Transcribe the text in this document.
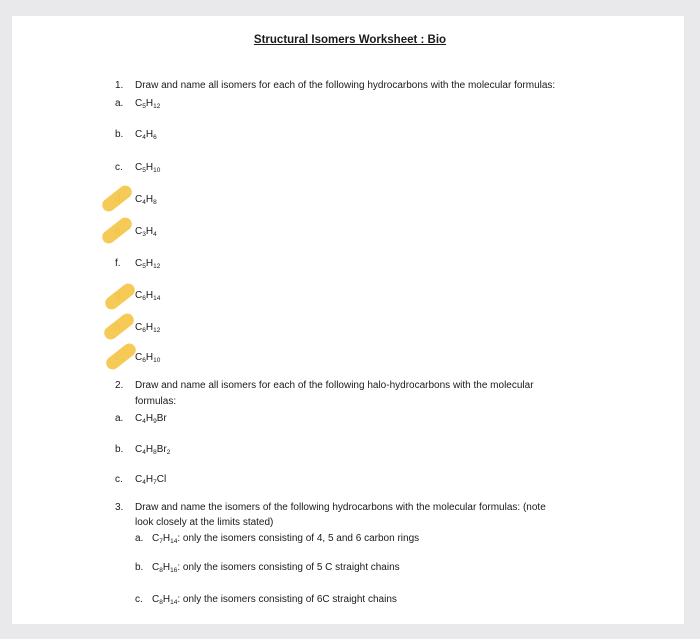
Structural Isomers Worksheet : Bio
1. Draw and name all isomers for each of the following hydrocarbons with the molecular formulas:
a. $C_5H_{12}$
b. $C_4H_6$
c. $C_5H_{10}$
$C_4H_8$
$C_3H_4$
f. $C_5H_{12}$
$C_6H_{14}$
$C_6H_{12}$
$C_6H_{10}$
2. Draw and name all isomers for each of the following halo-hydrocarbons with the molecular
formulas:
a. $C_4H_9Br$
b. $C_4H_8Br_2$
c. $C_4H_7Cl$
3. Draw and name the isomers of the following hydrocarbons with the molecular formulas: (note
look closely at the limits stated)
a. $C_7H_{14}$: only the isomers consisting of 4, 5 and 6 carbon rings
b. $C_8H_{16}$: only the isomers consisting of 5 C straight chains
c. $C_8H_{14}$: only the isomers consisting of 6C straight chains
